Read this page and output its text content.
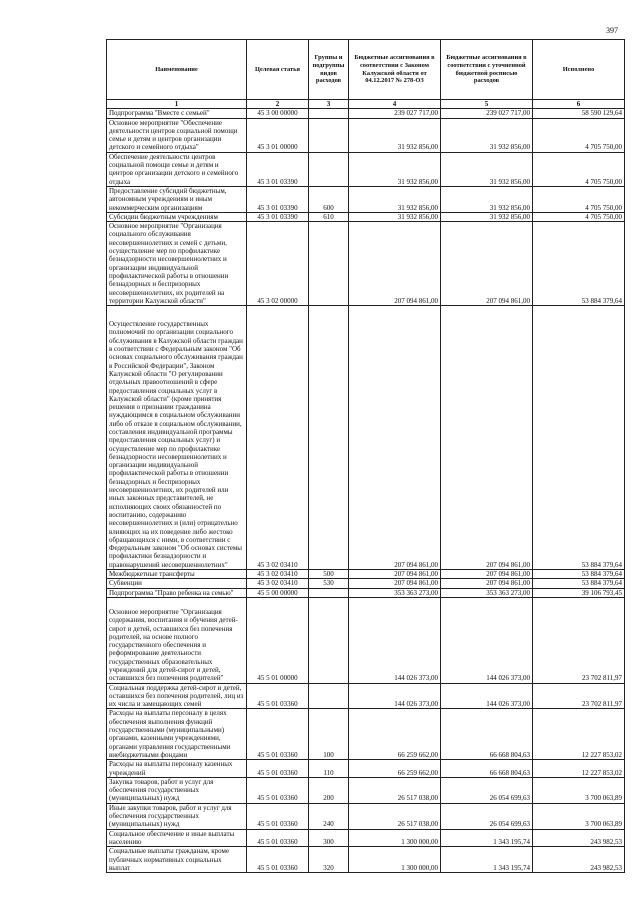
397
Наименование	Целевая статья	Группы и подгруппы видов расходов	Бюджетные ассигнования в соответствии с Законом Калужской области от 04.12.2017 № 278-ОЗ	Бюджетные ассигнования в соответствии с уточненной бюджетной росписью расходов	Исполнено
1	2	3	4	5	6
Подпрограмма "Вместе с семьей"	45 3 00 00000		239 027 717,00	239 027 717,00	58 590 129,64
Основное мероприятие "Обеспечение деятельности центров социальной помощи семье и детям и центров организации детского и семейного отдыха"	45 3 01 00000		31 932 856,00	31 932 856,00	4 705 750,00
Обеспечение деятельности центров социальной помощи семье и детям и центров организации детского и семейного отдыха	45 3 01 03390		31 932 856,00	31 932 856,00	4 705 750,00
Предоставление субсидий бюджетным, автономным учреждениям и иным некоммерческим организациям	45 3 01 03390	600	31 932 856,00	31 932 856,00	4 705 750,00
Субсидии бюджетным учреждениям	45 3 01 03390	610	31 932 856,00	31 932 856,00	4 705 750,00
Основное мероприятие "Организация социального обслуживания несовершеннолетних и семей с детьми, осуществление мер по профилактике безнадзорности несовершеннолетних и организации индивидуальной профилактической работы в отношении безнадзорных и беспризорных несовершеннолетних, их родителей на территории Калужской области"	45 3 02 00000		207 094 861,00	207 094 861,00	53 884 379,64
Осуществление государственных полномочий по организации социального обслуживания в Калужской области граждан в соответствии с Федеральным законом "Об основах социального обслуживания граждан в Российской Федерации", Законом Калужской области "О регулировании отдельных правоотношений в сфере предоставления социальных услуг в Калужской области" (кроме принятия решения о признании гражданина нуждающимся в социальном обслуживании либо об отказе в социальном обслуживании, составления индивидуальной программы предоставления социальных услуг) и осуществление мер по профилактике безнадзорности несовершеннолетних и организации индивидуальной профилактической работы в отношении безнадзорных и беспризорных несовершеннолетних, их родителей или иных законных представителей, не исполняющих своих обязанностей по воспитанию, содержанию несовершеннолетних и (или) отрицательно влияющих на их поведение либо жестоко обращающихся с ними, в соответствии с Федеральным законом "Об основах системы профилактики безнадзорности и правонарушений несовершеннолетних"	45 3 02 03410		207 094 861,00	207 094 861,00	53 884 379,64
Межбюджетные трансферты	45 3 02 03410	500	207 094 861,00	207 094 861,00	53 884 379,64
Субвенции	45 3 02 03410	530	207 094 861,00	207 094 861,00	53 884 379,64
Подпрограмма "Право ребенка на семью"	45 5 00 00000		353 363 273,00	353 363 273,00	39 106 793,45
Основное мероприятие "Организация содержания, воспитания и обучения детей-сирот и детей, оставшихся без попечения родителей, на основе полного государственного обеспечения и реформирование деятельности государственных образовательных учреждений для детей-сирот и детей, оставшихся без попечения родителей"	45 5 01 00000		144 026 373,00	144 026 373,00	23 702 811,97
Социальная поддержка детей-сирот и детей, оставшихся без попечения родителей, лиц из их числа и замещающих семей	45 5 01 03360		144 026 373,00	144 026 373,00	23 702 811,97
Расходы на выплаты персоналу в целях обеспечения выполнения функций государственными (муниципальными) органами, казенными учреждениями, органами управления государственными внебюджетными фондами	45 5 01 03360	100	66 259 662,00	66 668 804,63	12 227 853,02
Расходы на выплаты персоналу казенных учреждений	45 5 01 03360	110	66 259 662,00	66 668 804,63	12 227 853,02
Закупка товаров, работ и услуг для обеспечения государственных (муниципальных) нужд	45 5 01 03360	200	26 517 038,00	26 054 699,63	3 700 063,89
Иные закупки товаров, работ и услуг для обеспечения государственных (муниципальных) нужд	45 5 01 03360	240	26 517 038,00	26 054 699,63	3 700 063,89
Социальное обеспечение и иные выплаты населению	45 5 01 03360	300	1 300 000,00	1 343 195,74	243 982,53
Социальные выплаты гражданам, кроме публичных нормативных социальных выплат	45 5 01 03360	320	1 300 000,00	1 343 195,74	243 982,53
